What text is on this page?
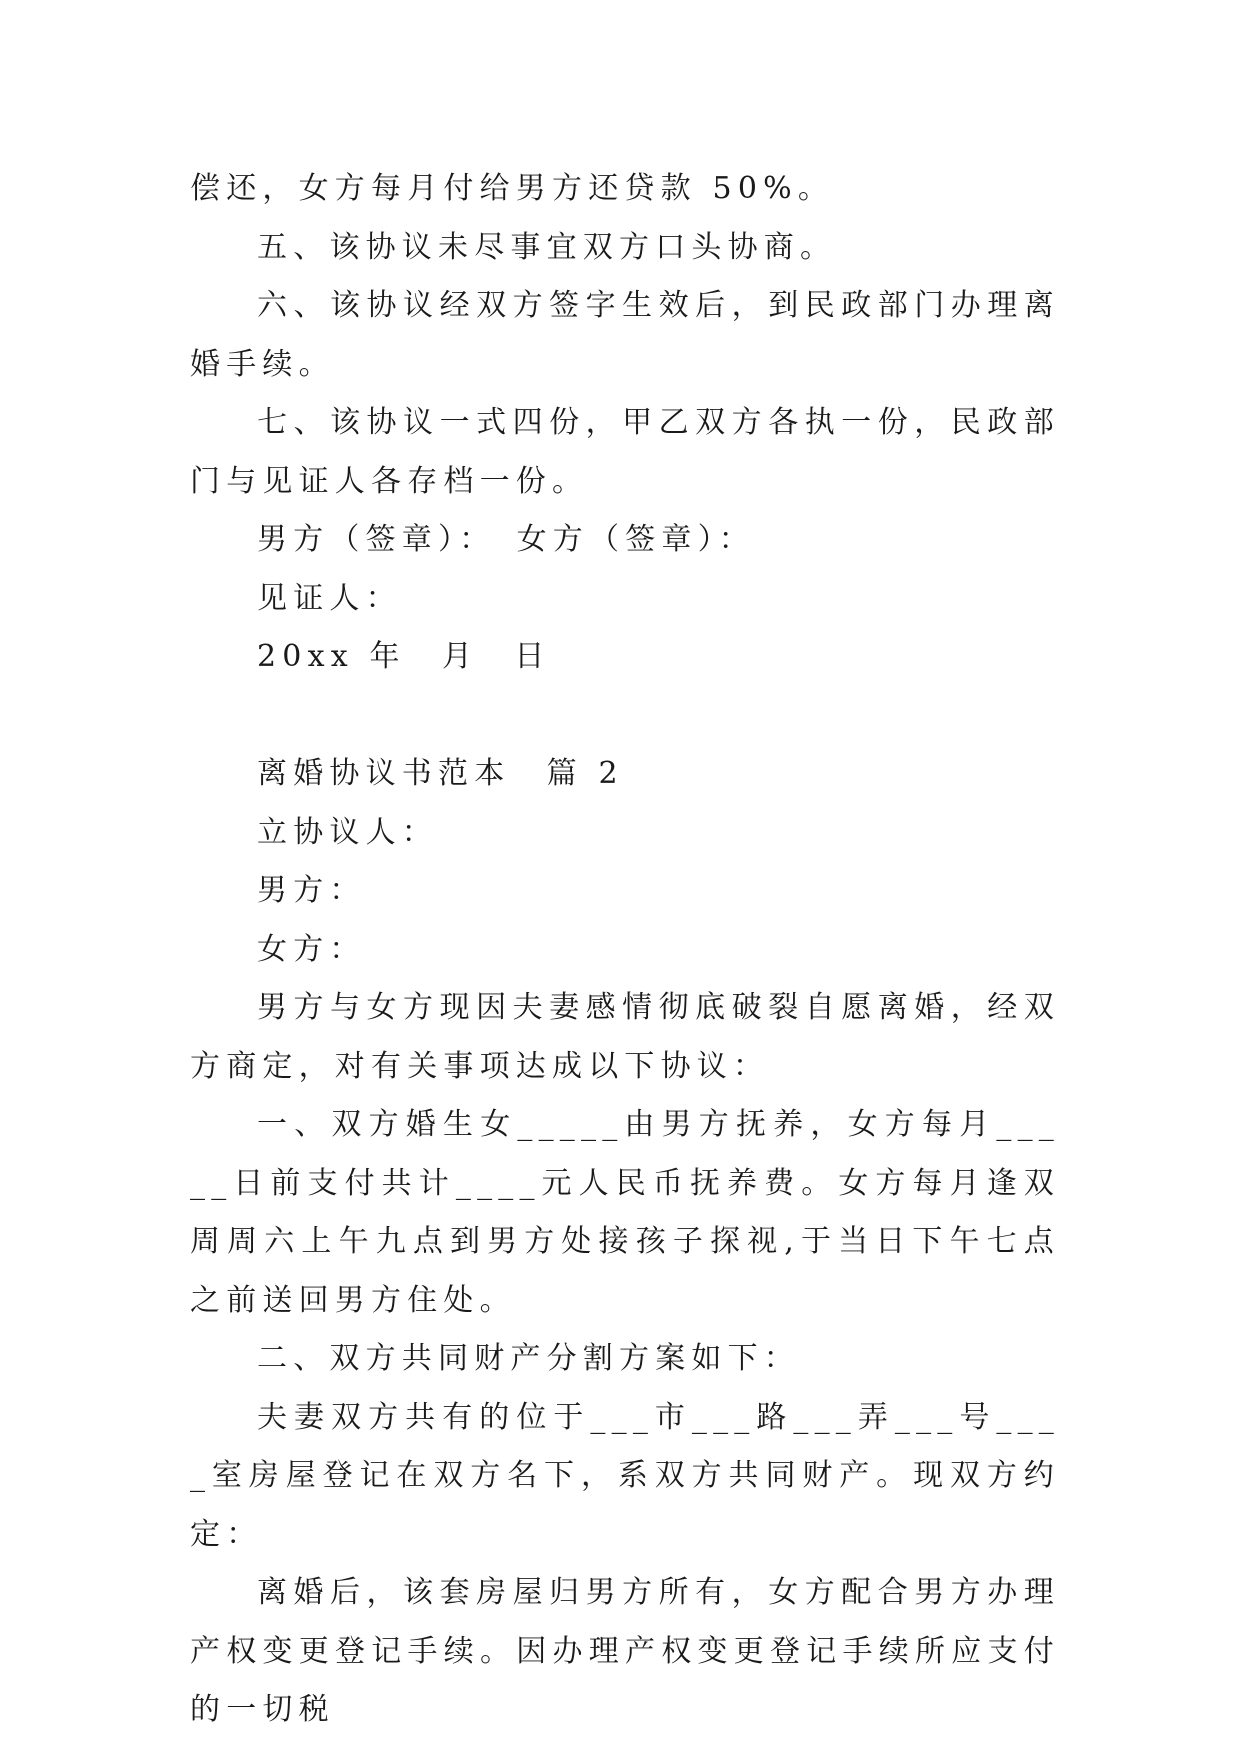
偿还，女方每月付给男方还贷款 50%。

五、该协议未尽事宜双方口头协商。

六、该协议经双方签字生效后，到民政部门办理离婚手续。

七、该协议一式四份，甲乙双方各执一份，民政部门与见证人各存档一份。

男方（签章）：　女方（签章）：

见证人：

20xx 年　月　日

离婚协议书范本　篇 2

立协议人：

男方：

女方：

男方与女方现因夫妻感情彻底破裂自愿离婚，经双方商定，对有关事项达成以下协议：

一、双方婚生女_____由男方抚养，女方每月_____日前支付共计____元人民币抚养费。女方每月逢双周周六上午九点到男方处接孩子探视,于当日下午七点之前送回男方住处。

二、双方共同财产分割方案如下：

夫妻双方共有的位于___市___路___弄___号____室房屋登记在双方名下，系双方共同财产。现双方约定：

离婚后，该套房屋归男方所有，女方配合男方办理产权变更登记手续。因办理产权变更登记手续所应支付的一切税
